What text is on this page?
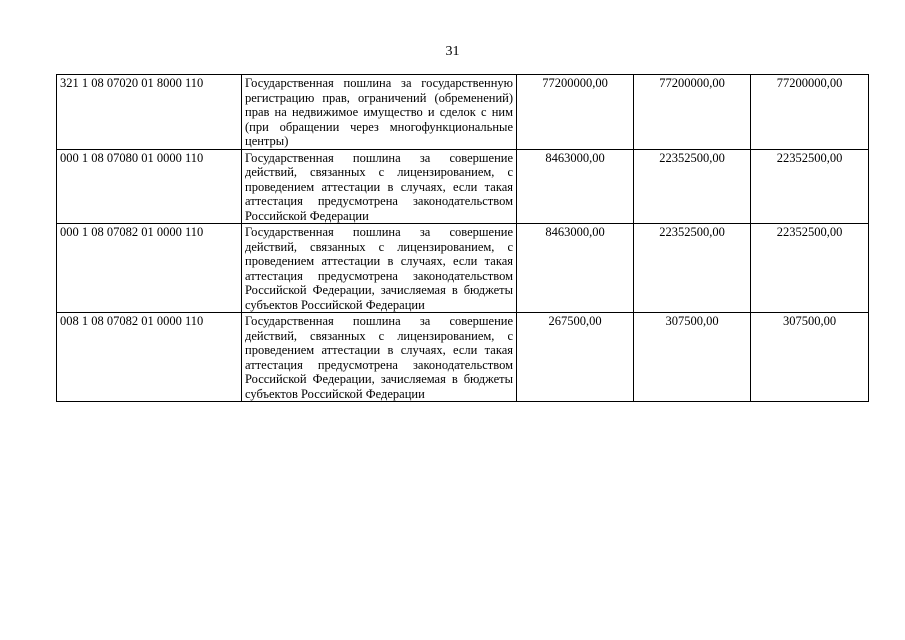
31
321 1 08 07020 01 8000 110	Государственная пошлина за государственную регистрацию прав, ограничений (обременений) прав на недвижимое имущество и сделок с ним (при обращении через многофункциональные центры)	77200000,00	77200000,00	77200000,00
000 1 08 07080 01 0000 110	Государственная пошлина за совершение действий, связанных с лицензированием, с проведением аттестации в случаях, если такая аттестация предусмотрена законодательством Российской Федерации	8463000,00	22352500,00	22352500,00
000 1 08 07082 01 0000 110	Государственная пошлина за совершение действий, связанных с лицензированием, с проведением аттестации в случаях, если такая аттестация предусмотрена законодательством Российской Федерации, зачисляемая в бюджеты субъектов Российской Федерации	8463000,00	22352500,00	22352500,00
008 1 08 07082 01 0000 110	Государственная пошлина за совершение действий, связанных с лицензированием, с проведением аттестации в случаях, если такая аттестация предусмотрена законодательством Российской Федерации, зачисляемая в бюджеты субъектов Российской Федерации	267500,00	307500,00	307500,00
